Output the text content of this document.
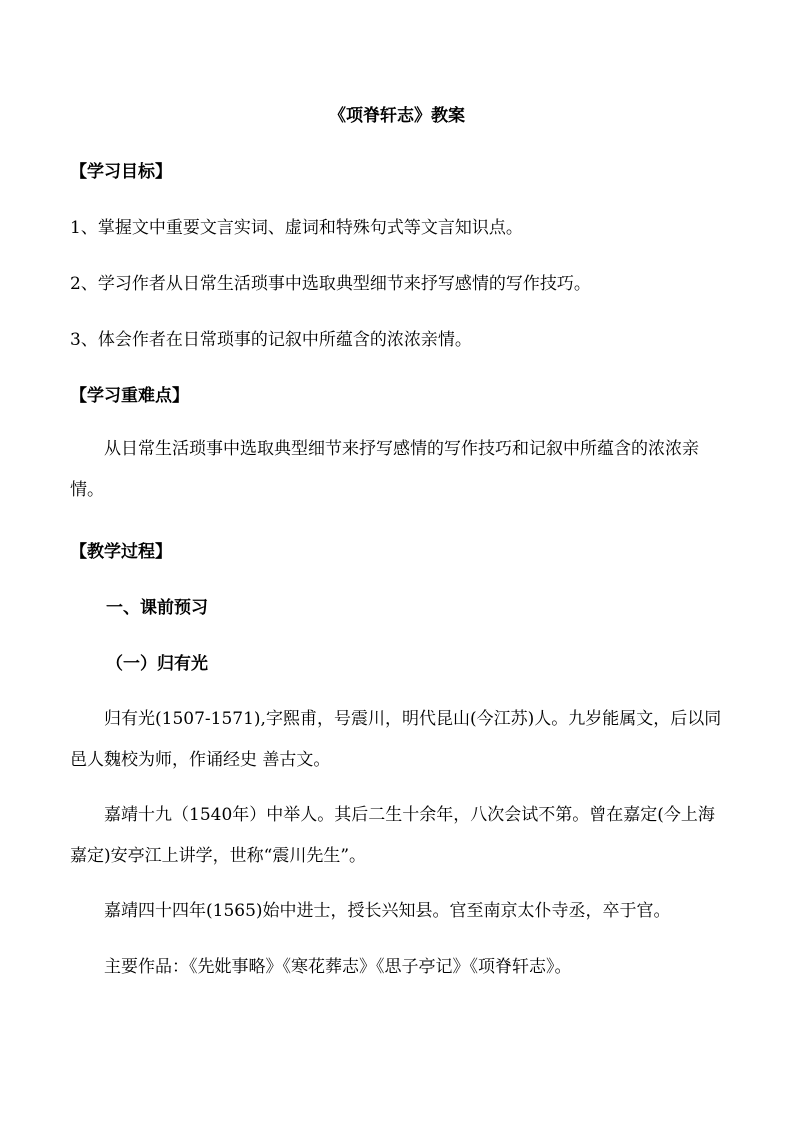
《项脊轩志》教案
【学习目标】
1、掌握文中重要文言实词、虚词和特殊句式等文言知识点。
2、学习作者从日常生活琐事中选取典型细节来抒写感情的写作技巧。
3、体会作者在日常琐事的记叙中所蕴含的浓浓亲情。
【学习重难点】
从日常生活琐事中选取典型细节来抒写感情的写作技巧和记叙中所蕴含的浓浓亲情。
【教学过程】
一、课前预习
（一）归有光
归有光(1507-1571),字熙甫，号震川，明代昆山(今江苏)人。九岁能属文，后以同邑人魏校为师，作诵经史 善古文。
嘉靖十九（1540年）中举人。其后二生十余年，八次会试不第。曾在嘉定(今上海嘉定)安亭江上讲学，世称“震川先生”。
嘉靖四十四年(1565)始中进士，授长兴知县。官至南京太仆寺丞，卒于官。
主要作品：《先妣事略》《寒花葬志》《思子亭记》《项脊轩志》。
